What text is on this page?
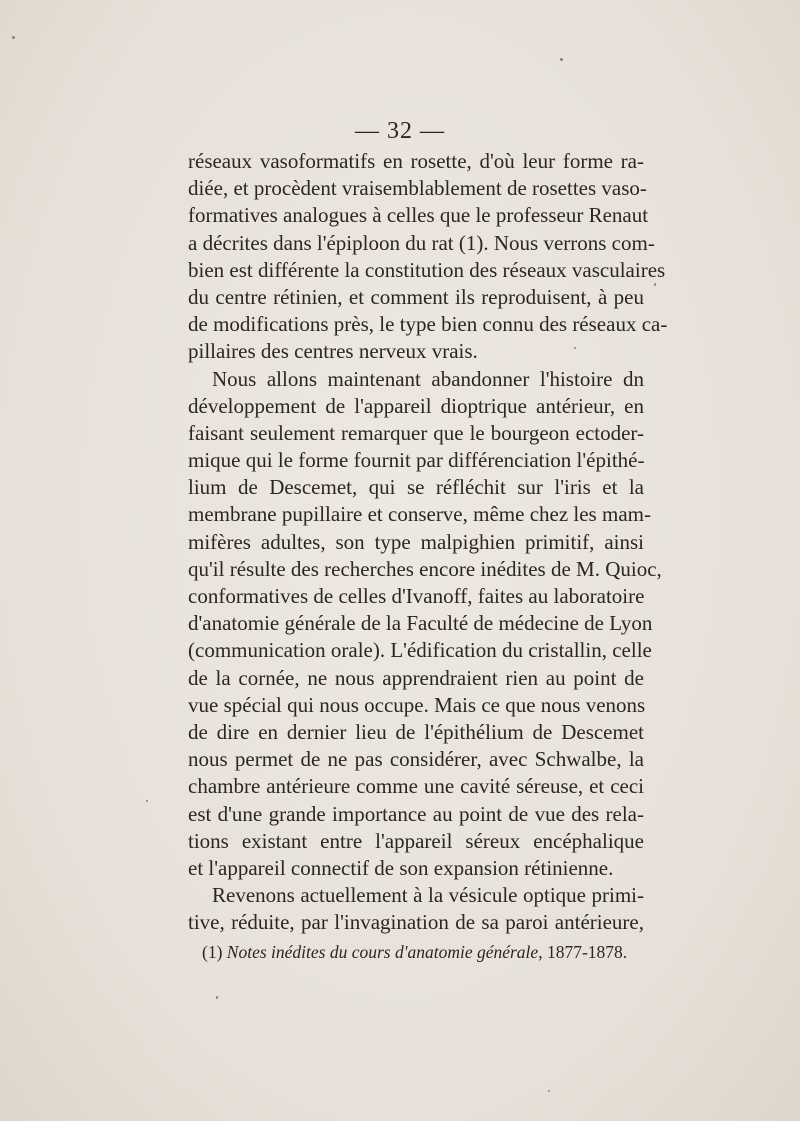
— 32 —
réseaux vasoformatifs en rosette, d'où leur forme ra-
diée, et procèdent vraisemblablement de rosettes vaso-
formatives analogues à celles que le professeur Renaut
a décrites dans l'épiploon du rat (1). Nous verrons com-
bien est différente la constitution des réseaux vasculaires
du centre rétinien, et comment ils reproduisent, à peu
de modifications près, le type bien connu des réseaux ca-
pillaires des centres nerveux vrais.
Nous allons maintenant abandonner l'histoire dn
développement de l'appareil dioptrique antérieur, en
faisant seulement remarquer que le bourgeon ectoder-
mique qui le forme fournit par différenciation l'épithé-
lium de Descemet, qui se réfléchit sur l'iris et la
membrane pupillaire et conserve, même chez les mam-
mifères adultes, son type malpighien primitif, ainsi
qu'il résulte des recherches encore inédites de M. Quioc,
conformatives de celles d'Ivanoff, faites au laboratoire
d'anatomie générale de la Faculté de médecine de Lyon
(communication orale). L'édification du cristallin, celle
de la cornée, ne nous apprendraient rien au point de
vue spécial qui nous occupe. Mais ce que nous venons
de dire en dernier lieu de l'épithélium de Descemet
nous permet de ne pas considérer, avec Schwalbe, la
chambre antérieure comme une cavité séreuse, et ceci
est d'une grande importance au point de vue des rela-
tions existant entre l'appareil séreux encéphalique
et l'appareil connectif de son expansion rétinienne.
Revenons actuellement à la vésicule optique primi-
tive, réduite, par l'invagination de sa paroi antérieure,
(1) Notes inédites du cours d'anatomie générale, 1877-1878.
